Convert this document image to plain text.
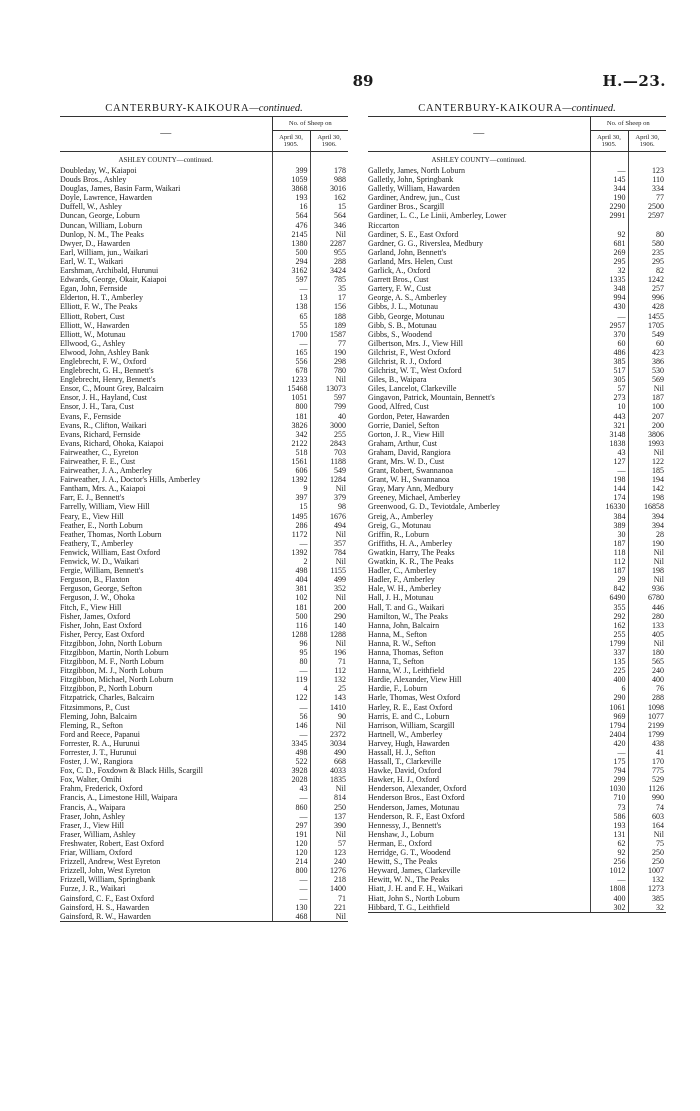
89	H.—23.
CANTERBURY-KAIKOURA—continued.
—	No. of Sheep on	
	April 30, 1905.	April 30, 1906.
ASHLEY COUNTY—continued.		
Doubleday, W., Kaiapoi	399	178
Douds Bros., Ashley	1059	988
Douglas, James, Basin Farm, Waikari	3868	3016
Doyle, Lawrence, Hawarden	193	162
Duffell, W., Ashley	16	15
Duncan, George, Loburn	564	564
Duncan, William, Loburn	476	346
Dunlop, N. M., The Peaks	2145	Nil
Dwyer, D., Hawarden	1380	2287
Earl, William, jun., Waikari	500	955
Earl, W. T., Waikari	294	288
Earshman, Archibald, Hurunui	3162	3424
Edwards, George, Okair, Kaiapoi	597	785
Egan, John, Fernside	—	35
Elderton, H. T., Amberley	13	17
Elliott, F. W., The Peaks	138	156
Elliott, Robert, Cust	65	188
Elliott, W., Hawarden	55	189
Elliott, W., Motunau	1700	1587
Ellwood, G., Ashley	—	77
Elwood, John, Ashley Bank	165	190
Englebrecht, F. W., Oxford	556	298
Englebrecht, G. H., Bennett's	678	780
Englebrecht, Henry, Bennett's	1233	Nil
Ensor, C., Mount Grey, Balcairn	15468	13073
Ensor, J. H., Hayland, Cust	1051	597
Ensor, J. H., Tara, Cust	800	799
Evans, F., Fernside	181	40
Evans, R., Clifton, Waikari	3826	3000
Evans, Richard, Fernside	342	255
Evans, Richard, Ohoka, Kaiapoi	2122	2843
Fairweather, C., Eyreton	518	703
Fairweather, F. E., Cust	1561	1188
Fairweather, J. A., Amberley	606	549
Fairweather, J. A., Doctor's Hills, Amberley	1392	1284
Fantham, Mrs. A., Kaiapoi	9	Nil
Farr, E. J., Bennett's	397	379
Farrelly, William, View Hill	15	98
Feary, E., View Hill	1495	1676
Feather, E., North Loburn	286	494
Feather, Thomas, North Loburn	1172	Nil
Feathery, T., Amberley	—	357
Fenwick, William, East Oxford	1392	784
Fenwick, W. D., Waikari	2	Nil
Fergie, William, Bennett's	498	1155
Ferguson, B., Flaxton	404	499
Ferguson, George, Sefton	381	352
Ferguson, J. W., Ohoka	102	Nil
Fitch, F., View Hill	181	200
Fisher, James, Oxford	500	290
Fisher, John, East Oxford	116	140
Fisher, Percy, East Oxford	1288	1288
Fitzgibbon, John, North Loburn	96	Nil
Fitzgibbon, Martin, North Loburn	95	196
Fitzgibbon, M. F., North Loburn	80	71
Fitzgibbon, M. J., North Loburn	—	112
Fitzgibbon, Michael, North Loburn	119	132
Fitzgibbon, P., North Loburn	4	25
Fitzpatrick, Charles, Balcairn	122	143
Fitzsimmons, P., Cust	—	1410
Fleming, John, Balcairn	56	90
Fleming, R., Sefton	146	Nil
Ford and Reece, Papanui	—	2372
Forrester, R. A., Hurunui	3345	3034
Forrester, J. T., Hurunui	498	490
Foster, J. W., Rangiora	522	668
Fox, C. D., Foxdown & Black Hills, Scargill	3928	4033
Fox, Walter, Omihi	2028	1835
Frahm, Frederick, Oxford	43	Nil
Francis, A., Limestone Hill, Waipara	—	814
Francis, A., Waipara	860	250
Fraser, John, Ashley	—	137
Fraser, J., View Hill	297	390
Fraser, William, Ashley	191	Nil
Freshwater, Robert, East Oxford	120	57
Friar, William, Oxford	120	123
Frizzell, Andrew, West Eyreton	214	240
Frizzell, John, West Eyreton	800	1276
Frizzell, William, Springbank	—	218
Furze, J. R., Waikari	—	1400
Gainsford, C. F., East Oxford	—	71
Gainsford, H. S., Hawarden	130	221
Gainsford, R. W., Hawarden	468	Nil
CANTERBURY-KAIKOURA—continued.
—	No. of Sheep on	
	April 30, 1905.	April 30, 1906.
ASHLEY COUNTY—continued.		
Galletly, James, North Loburn	—	123
Galletly, John, Springbank	145	110
Galletly, William, Hawarden	344	334
Gardiner, Andrew, jun., Cust	190	77
Gardiner Bros., Scargill	2290	2500
Gardiner, L. C., Le Linii, Amberley, Lower	2991	2597
Riccarton		
Gardiner, S. E., East Oxford	92	80
Gardner, G. G., Riverslea, Medbury	681	580
Garland, John, Bennett's	269	235
Garland, Mrs. Helen, Cust	295	295
Garlick, A., Oxford	32	82
Garrett Bros., Cust	1335	1242
Gartery, F. W., Cust	348	257
George, A. S., Amberley	994	996
Gibbs, J. L., Motunau	430	428
Gibb, George, Motunau	—	1455
Gibb, S. B., Motunau	2957	1705
Gibbs, S., Woodend	370	549
Gilbertson, Mrs. J., View Hill	60	60
Gilchrist, F., West Oxford	486	423
Gilchrist, R. J., Oxford	385	386
Gilchrist, W. T., West Oxford	517	530
Giles, B., Waipara	305	569
Giles, Lancelot, Clarkeville	57	Nil
Gingavon, Patrick, Mountain, Bennett's	273	187
Good, Alfred, Cust	10	100
Gordon, Peter, Hawarden	443	207
Gorrie, Daniel, Sefton	321	200
Gorton, J. R., View Hill	3148	3806
Graham, Arthur, Cust	1838	1993
Graham, David, Rangiora	43	Nil
Grant, Mrs. W. D., Cust	127	122
Grant, Robert, Swannanoa	—	185
Grant, W. H., Swannanoa	198	194
Gray, Mary Ann, Medbury	144	142
Greeney, Michael, Amberley	174	198
Greenwood, G. D., Teviotdale, Amberley	16330	16858
Greig, A., Amberley	384	394
Greig, G., Motunau	389	394
Griffin, R., Loburn	30	28
Griffiths, H. A., Amberley	187	190
Gwatkin, Harry, The Peaks	118	Nil
Gwatkin, K. R., The Peaks	112	Nil
Hadler, C., Amberley	187	198
Hadler, F., Amberley	29	Nil
Hale, W. H., Amberley	842	936
Hall, J. H., Motunau	6490	6780
Hall, T. and G., Waikari	355	446
Hamilton, W., The Peaks	292	280
Hanna, John, Balcairn	162	133
Hanna, M., Sefton	255	405
Hanna, R. W., Sefton	1799	Nil
Hanna, Thomas, Sefton	337	180
Hanna, T., Sefton	135	565
Hanna, W. J., Leithfield	225	240
Hardie, Alexander, View Hill	400	400
Hardie, F., Loburn	6	76
Harle, Thomas, West Oxford	290	288
Harley, R. E., East Oxford	1061	1098
Harris, E. and C., Loburn	969	1077
Harrison, William, Scargill	1794	2199
Hartnell, W., Amberley	2404	1799
Harvey, Hugh, Hawarden	420	438
Hassall, H. J., Sefton	—	41
Hassall, T., Clarkeville	175	170
Hawke, David, Oxford	794	775
Hawker, H. J., Oxford	299	529
Henderson, Alexander, Oxford	1030	1126
Henderson Bros., East Oxford	710	990
Henderson, James, Motunau	73	74
Henderson, R. F., East Oxford	586	603
Hennessy, J., Bennett's	193	164
Henshaw, J., Loburn	131	Nil
Herman, E., Oxford	62	75
Herridge, G. T., Woodend	92	250
Hewitt, S., The Peaks	256	250
Heyward, James, Clarkeville	1012	1007
Hewitt, W. N., The Peaks	—	132
Hiatt, J. H. and F. H., Waikari	1808	1273
Hiatt, John S., North Loburn	400	385
Hibbard, T. G., Leithfield	302	32
